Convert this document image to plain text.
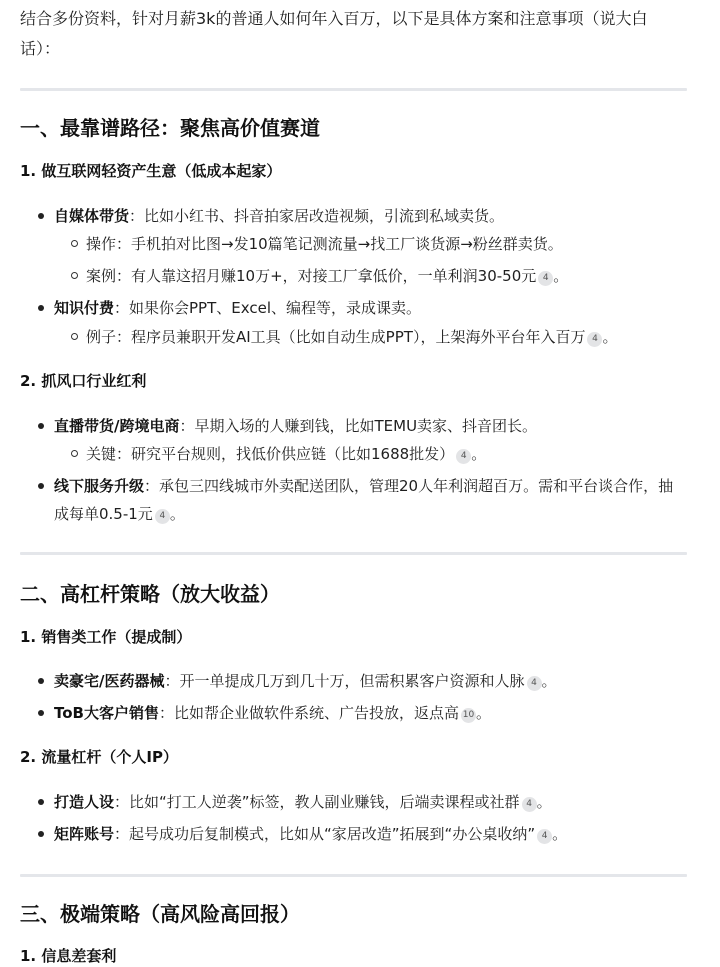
结合多份资料，针对月薪3k的普通人如何年入百万，以下是具体方案和注意事项（说大白话）：
一、最靠谱路径：聚焦高价值赛道
1. 做互联网轻资产生意（低成本起家）
自媒体带货：比如小红书、抖音拍家居改造视频，引流到私域卖货。
操作：手机拍对比图→发10篇笔记测流量→找工厂谈货源→粉丝群卖货。
案例：有人靠这招月赚10万+，对接工厂拿低价，一单利润30-50元 4 。
知识付费：如果你会PPT、Excel、编程等，录成课卖。
例子：程序员兼职开发AI工具（比如自动生成PPT），上架海外平台年入百万 4 。
2. 抓风口行业红利
直播带货/跨境电商：早期入场的人赚到钱，比如TEMU卖家、抖音团长。
关键：研究平台规则，找低价供应链（比如1688批发） 4 。
线下服务升级：承包三四线城市外卖配送团队，管理20人年利润超百万。需和平台谈合作，抽成每单0.5-1元 4 。
二、高杠杆策略（放大收益）
1. 销售类工作（提成制）
卖豪宅/医药器械：开一单提成几万到几十万，但需积累客户资源和人脉 4 。
ToB大客户销售：比如帮企业做软件系统、广告投放，返点高 10 。
2. 流量杠杆（个人IP）
打造人设：比如“打工人逆袭”标签，教人副业赚钱，后端卖课程或社群 4 。
矩阵账号：起号成功后复制模式，比如从“家居改造”拓展到“办公桌收纳” 4 。
三、极端策略（高风险高回报）
1. 信息差套利
